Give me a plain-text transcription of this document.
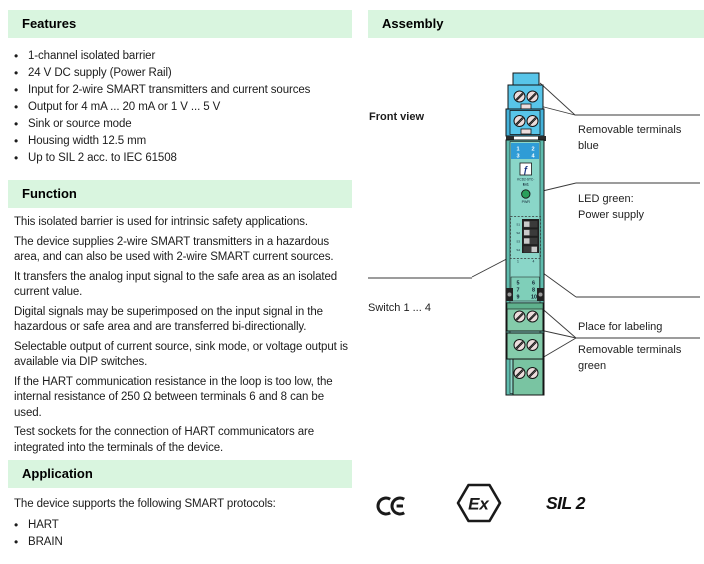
Features
• 1-channel isolated barrier
• 24 V DC supply (Power Rail)
• Input for 2-wire SMART transmitters and current sources
• Output for 4 mA ... 20 mA or 1 V ... 5 V
• Sink or source mode
• Housing width 12.5 mm
• Up to SIL 2 acc. to IEC 61508
Function

This isolated barrier is used for intrinsic safety applications.

The device supplies 2-wire SMART transmitters in a hazardous area, and can also be used with 2-wire SMART current sources.

It transfers the analog input signal to the safe area as an isolated current value.

Digital signals may be superimposed on the input signal in the hazardous or safe area and are transferred bi-directionally.

Selectable output of current source, sink mode, or voltage output is available via DIP switches.

If the HART communication resistance in the loop is too low, the internal resistance of 250 Ω between terminals 6 and 8 can be used.

Test sockets for the connection of HART communicators are integrated into the terminals of the device.

Application

The device supports the following SMART protocols:

• HART
• BRAIN
Assembly
1 2
3 4
ƒ
KCD2-STC-
Ex1
PWR
S1
S2
S3
S4
1	4
5 6
7 8
9 10
Front view
Removable terminals
blue
LED green:
Power supply
Switch 1 ... 4
Place for labeling
Removable terminals
green
Ex	SIL 2
